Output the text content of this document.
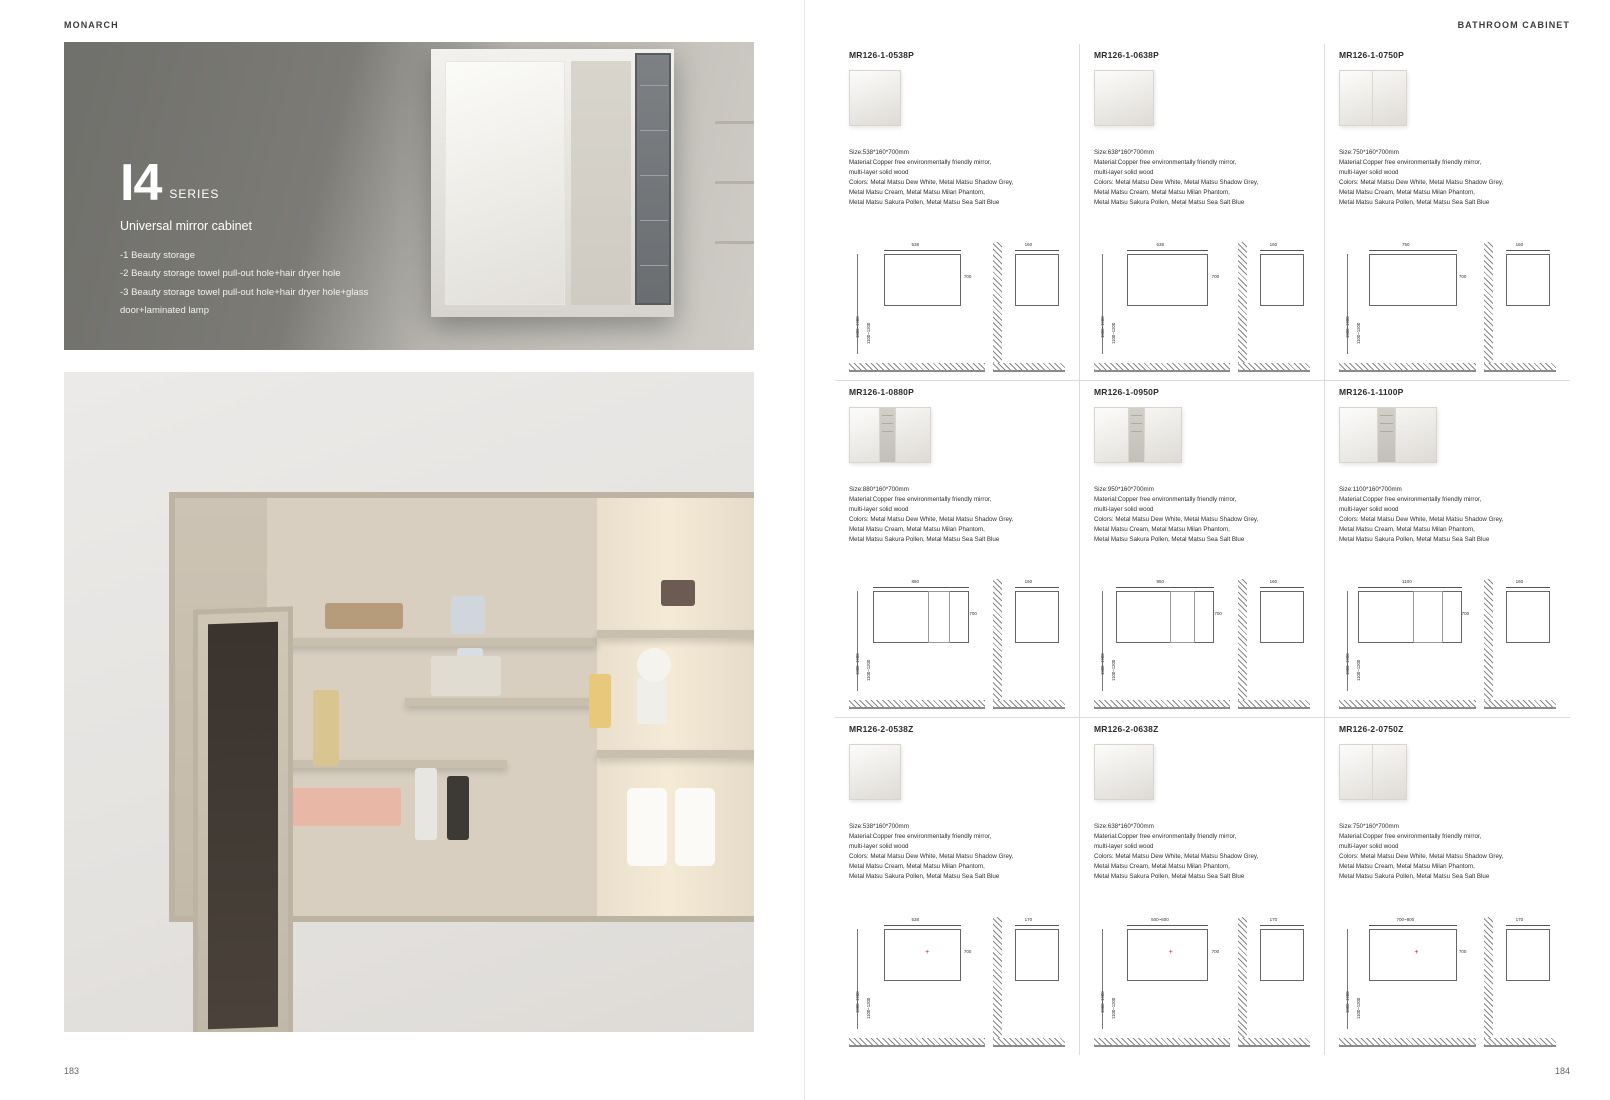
MONARCH
I4 SERIES
Universal mirror cabinet
-1 Beauty storage
-2 Beauty storage towel pull-out hole+hair dryer hole
-3 Beauty storage towel pull-out hole+hair dryer hole+glass
door+laminated lamp
183
BATHROOM CABINET
MR126-1-0538P
Size:538*160*700mm
Material:Copper free environmentally friendly mirror,
multi-layer solid wood
Colors: Metal Matsu Dew White, Metal Matsu Shadow Grey,
Metal Matsu Cream, Metal Matsu Milan Phantom,
Metal Matsu Sakura Pollen, Metal Matsu Sea Salt Blue
538
700
1800~1900 1100~1200
160
MR126-1-0638P
Size:638*160*700mm
Material:Copper free environmentally friendly mirror,
multi-layer solid wood
Colors: Metal Matsu Dew White, Metal Matsu Shadow Grey,
Metal Matsu Cream, Metal Matsu Milan Phantom,
Metal Matsu Sakura Pollen, Metal Matsu Sea Salt Blue
638
700
1800~1900 1100~1200
160
MR126-1-0750P
Size:750*160*700mm
Material:Copper free environmentally friendly mirror,
multi-layer solid wood
Colors: Metal Matsu Dew White, Metal Matsu Shadow Grey,
Metal Matsu Cream, Metal Matsu Milan Phantom,
Metal Matsu Sakura Pollen, Metal Matsu Sea Salt Blue
750
700
1800~1900 1100~1200
160
MR126-1-0880P
Size:880*160*700mm
Material:Copper free environmentally friendly mirror,
multi-layer solid wood
Colors: Metal Matsu Dew White, Metal Matsu Shadow Grey,
Metal Matsu Cream, Metal Matsu Milan Phantom,
Metal Matsu Sakura Pollen, Metal Matsu Sea Salt Blue
880
700
1800~1900 1100~1200
160
MR126-1-0950P
Size:950*160*700mm
Material:Copper free environmentally friendly mirror,
multi-layer solid wood
Colors: Metal Matsu Dew White, Metal Matsu Shadow Grey,
Metal Matsu Cream, Metal Matsu Milan Phantom,
Metal Matsu Sakura Pollen, Metal Matsu Sea Salt Blue
950
700
1800~1900 1100~1200
160
MR126-1-1100P
Size:1100*160*700mm
Material:Copper free environmentally friendly mirror,
multi-layer solid wood
Colors: Metal Matsu Dew White, Metal Matsu Shadow Grey,
Metal Matsu Cream, Metal Matsu Milan Phantom,
Metal Matsu Sakura Pollen, Metal Matsu Sea Salt Blue
1100
700
1800~1900 1100~1200
160
MR126-2-0538Z
Size:538*160*700mm
Material:Copper free environmentally friendly mirror,
multi-layer solid wood
Colors: Metal Matsu Dew White, Metal Matsu Shadow Grey,
Metal Matsu Cream, Metal Matsu Milan Phantom,
Metal Matsu Sakura Pollen, Metal Matsu Sea Salt Blue
538
+	700
1800~1900 1100~1200
170
MR126-2-0638Z
Size:638*160*700mm
Material:Copper free environmentally friendly mirror,
multi-layer solid wood
Colors: Metal Matsu Dew White, Metal Matsu Shadow Grey,
Metal Matsu Cream, Metal Matsu Milan Phantom,
Metal Matsu Sakura Pollen, Metal Matsu Sea Salt Blue
500~600
+	700
1800~1900 1100~1200
170
MR126-2-0750Z
Size:750*160*700mm
Material:Copper free environmentally friendly mirror,
multi-layer solid wood
Colors: Metal Matsu Dew White, Metal Matsu Shadow Grey,
Metal Matsu Cream, Metal Matsu Milan Phantom,
Metal Matsu Sakura Pollen, Metal Matsu Sea Salt Blue
700~800
+	700
1800~1900 1100~1200
170
184
